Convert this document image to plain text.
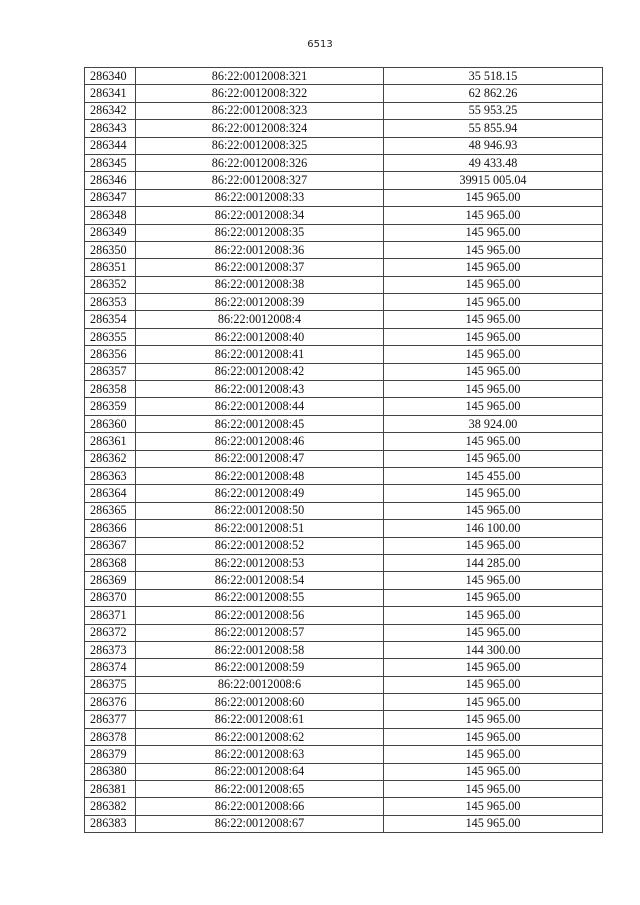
6513
286340	86:22:0012008:321	35 518.15
286341	86:22:0012008:322	62 862.26
286342	86:22:0012008:323	55 953.25
286343	86:22:0012008:324	55 855.94
286344	86:22:0012008:325	48 946.93
286345	86:22:0012008:326	49 433.48
286346	86:22:0012008:327	39915 005.04
286347	86:22:0012008:33	145 965.00
286348	86:22:0012008:34	145 965.00
286349	86:22:0012008:35	145 965.00
286350	86:22:0012008:36	145 965.00
286351	86:22:0012008:37	145 965.00
286352	86:22:0012008:38	145 965.00
286353	86:22:0012008:39	145 965.00
286354	86:22:0012008:4	145 965.00
286355	86:22:0012008:40	145 965.00
286356	86:22:0012008:41	145 965.00
286357	86:22:0012008:42	145 965.00
286358	86:22:0012008:43	145 965.00
286359	86:22:0012008:44	145 965.00
286360	86:22:0012008:45	38 924.00
286361	86:22:0012008:46	145 965.00
286362	86:22:0012008:47	145 965.00
286363	86:22:0012008:48	145 455.00
286364	86:22:0012008:49	145 965.00
286365	86:22:0012008:50	145 965.00
286366	86:22:0012008:51	146 100.00
286367	86:22:0012008:52	145 965.00
286368	86:22:0012008:53	144 285.00
286369	86:22:0012008:54	145 965.00
286370	86:22:0012008:55	145 965.00
286371	86:22:0012008:56	145 965.00
286372	86:22:0012008:57	145 965.00
286373	86:22:0012008:58	144 300.00
286374	86:22:0012008:59	145 965.00
286375	86:22:0012008:6	145 965.00
286376	86:22:0012008:60	145 965.00
286377	86:22:0012008:61	145 965.00
286378	86:22:0012008:62	145 965.00
286379	86:22:0012008:63	145 965.00
286380	86:22:0012008:64	145 965.00
286381	86:22:0012008:65	145 965.00
286382	86:22:0012008:66	145 965.00
286383	86:22:0012008:67	145 965.00
